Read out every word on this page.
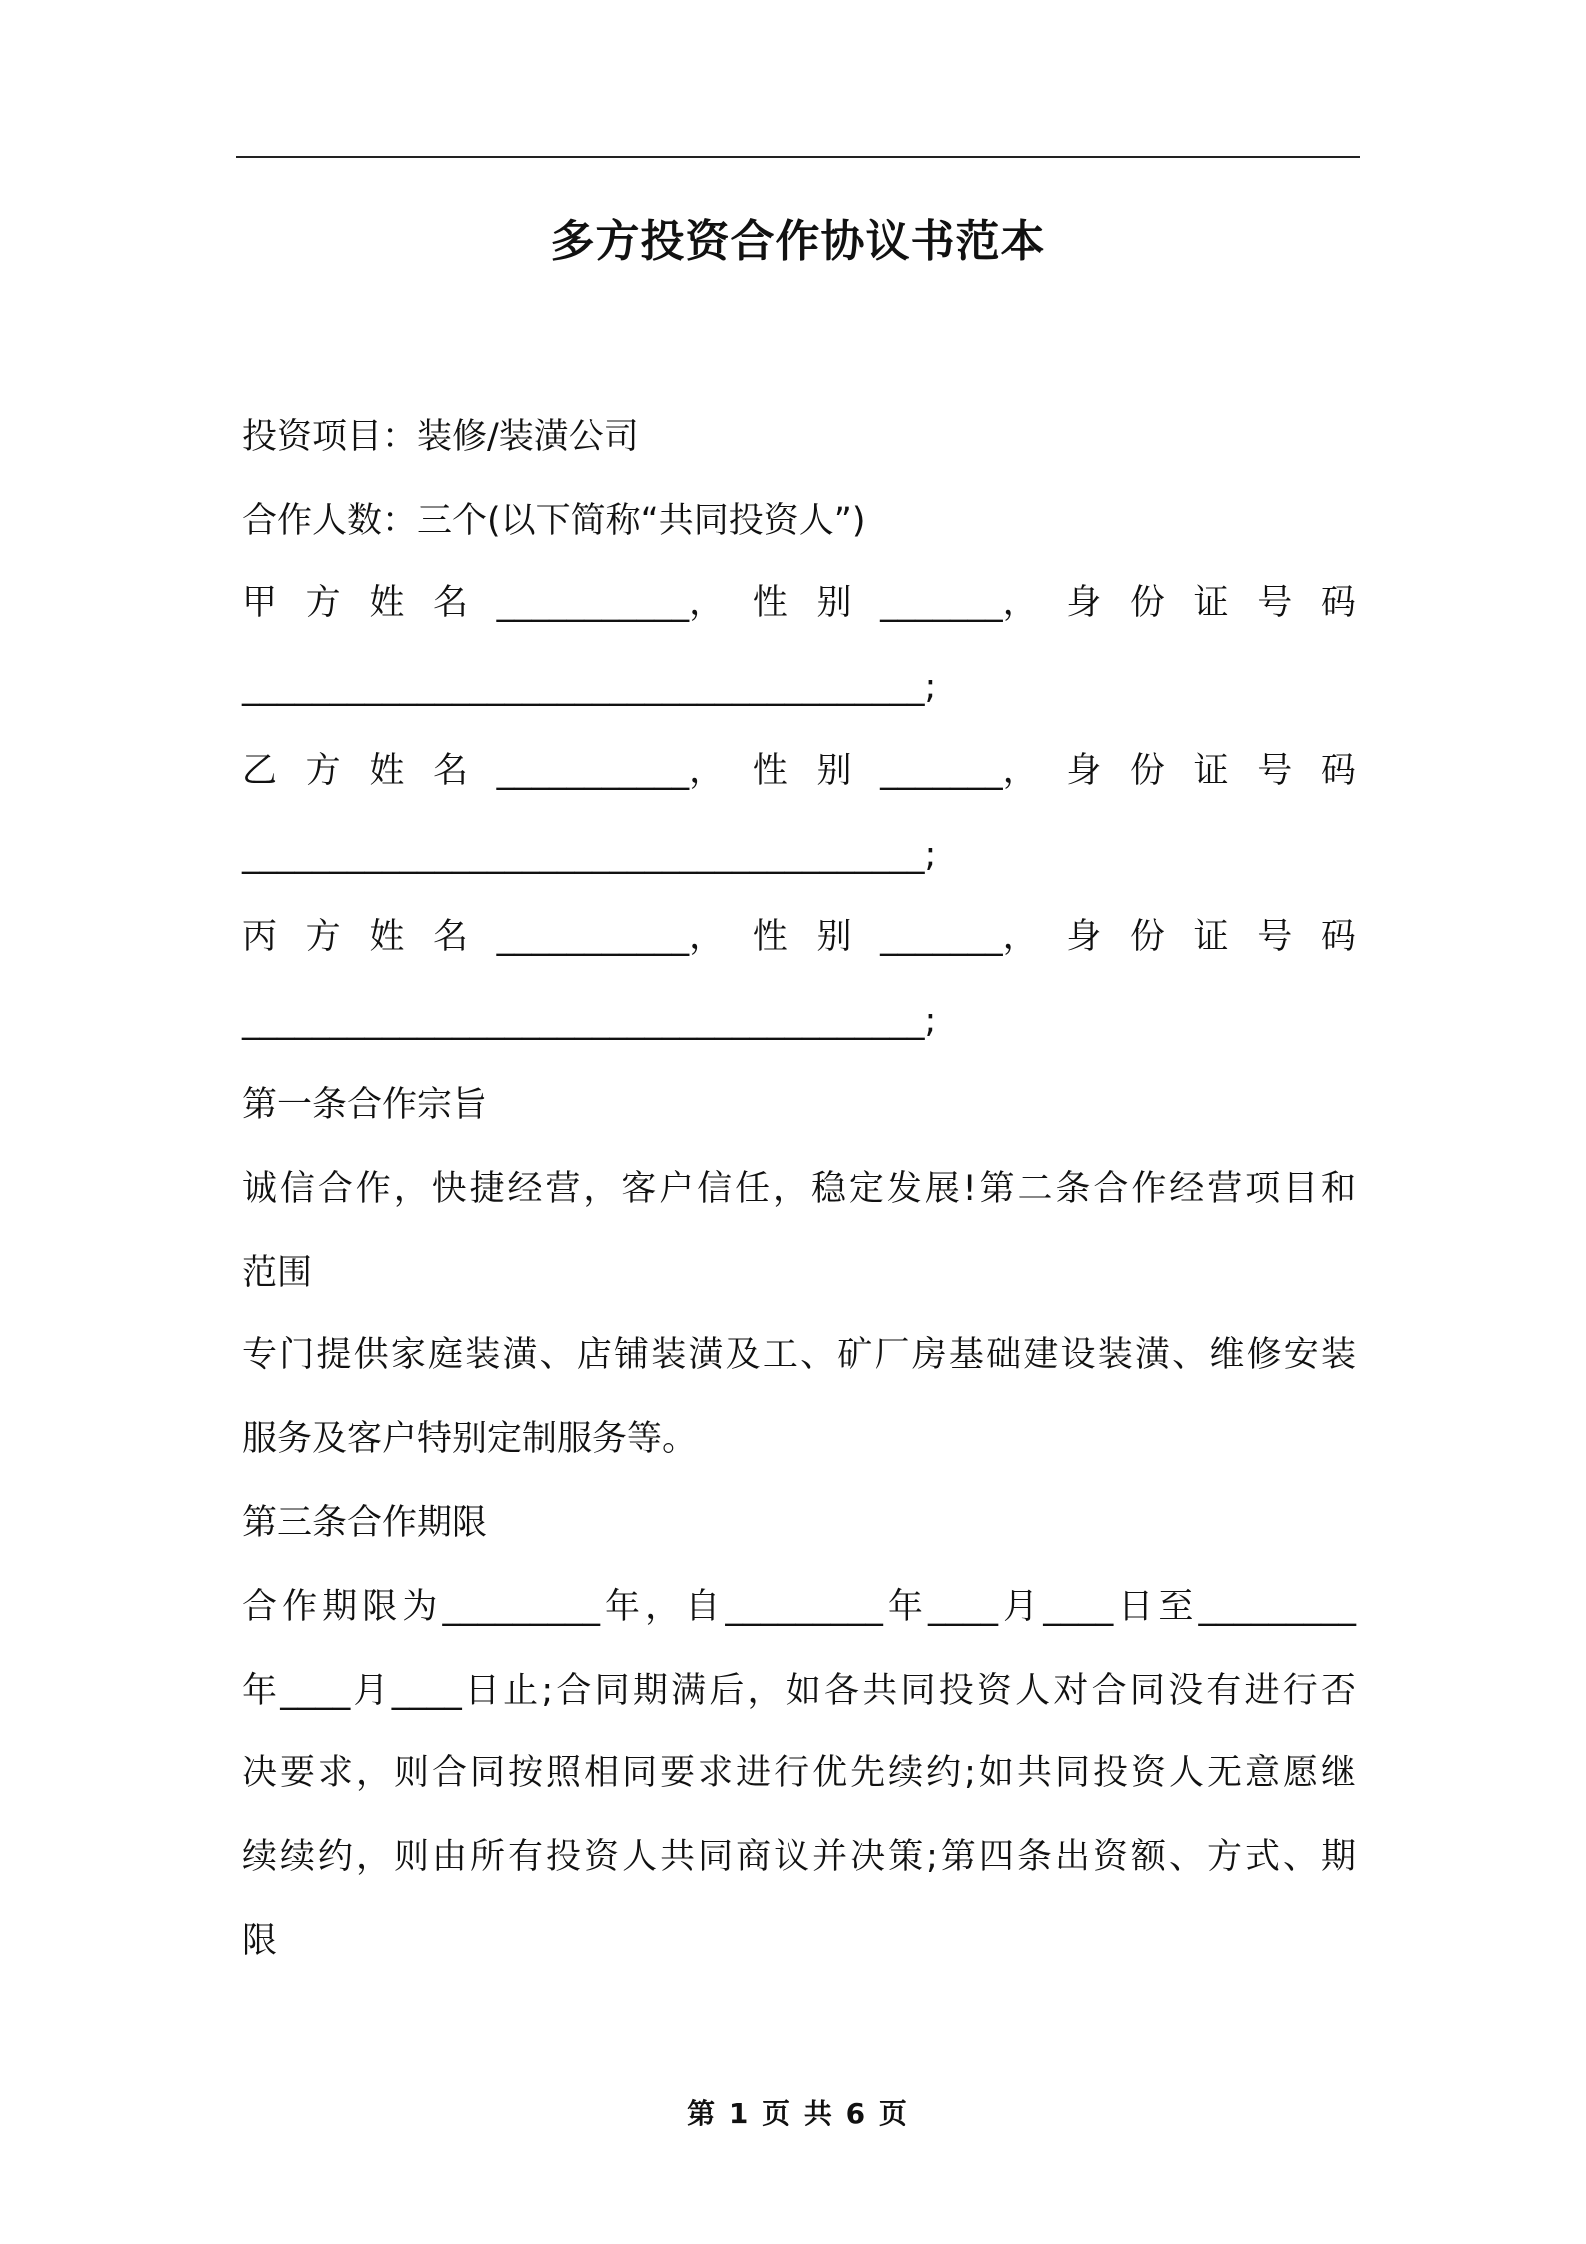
多方投资合作协议书范本
投资项目：装修/装潢公司
合作人数：三个(以下简称“共同投资人”)
甲 方 姓 名 ___________， 性 别 _______， 身 份 证 号 码
_______________________________________;
乙 方 姓 名 ___________， 性 别 _______， 身 份 证 号 码
_______________________________________;
丙 方 姓 名 ___________， 性 别 _______， 身 份 证 号 码
_______________________________________;
第一条合作宗旨
诚信合作，快捷经营，客户信任，稳定发展!第二条合作经营项目和
范围
专门提供家庭装潢、店铺装潢及工、矿厂房基础建设装潢、维修安装
服务及客户特别定制服务等。
第三条合作期限
合作期限为_________年，自_________年____月____日至_________
年____月____日止;合同期满后，如各共同投资人对合同没有进行否
决要求，则合同按照相同要求进行优先续约;如共同投资人无意愿继
续续约，则由所有投资人共同商议并决策;第四条出资额、方式、期
限
第 1 页 共 6 页
